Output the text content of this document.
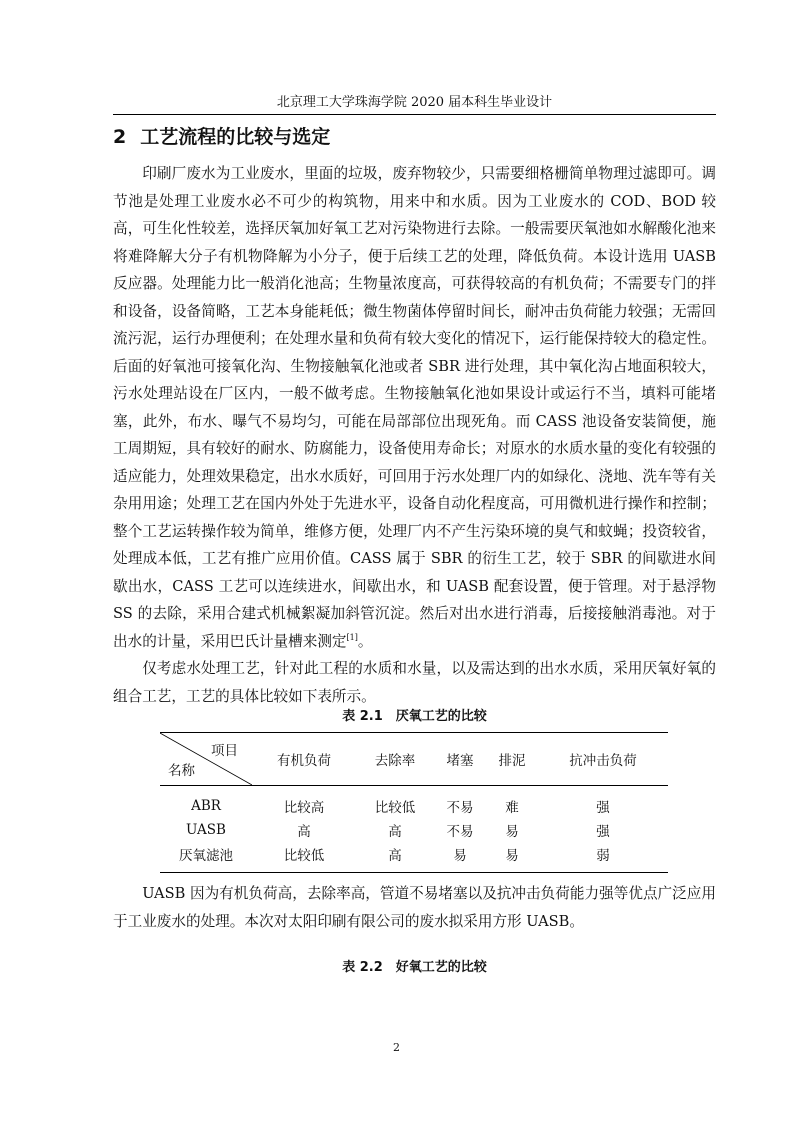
北京理工大学珠海学院 2020 届本科生毕业设计
2 工艺流程的比较与选定

印刷厂废水为工业废水，里面的垃圾，废弃物较少，只需要细格栅简单物理过滤即可。调节池是处理工业废水必不可少的构筑物，用来中和水质。因为工业废水的 COD、BOD 较高，可生化性较差，选择厌氧加好氧工艺对污染物进行去除。一般需要厌氧池如水解酸化池来将难降解大分子有机物降解为小分子，便于后续工艺的处理，降低负荷。本设计选用 UASB 反应器。处理能力比一般消化池高；生物量浓度高，可获得较高的有机负荷；不需要专门的拌和设备，设备简略，工艺本身能耗低；微生物菌体停留时间长，耐冲击负荷能力较强；无需回流污泥，运行办理便利；在处理水量和负荷有较大变化的情况下，运行能保持较大的稳定性。后面的好氧池可接氧化沟、生物接触氧化池或者 SBR 进行处理，其中氧化沟占地面积较大，污水处理站设在厂区内，一般不做考虑。生物接触氧化池如果设计或运行不当，填料可能堵塞，此外，布水、曝气不易均匀，可能在局部部位出现死角。而 CASS 池设备安装简便，施工周期短，具有较好的耐水、防腐能力，设备使用寿命长；对原水的水质水量的变化有较强的适应能力，处理效果稳定，出水水质好，可回用于污水处理厂内的如绿化、浇地、洗车等有关杂用用途；处理工艺在国内外处于先进水平，设备自动化程度高，可用微机进行操作和控制；整个工艺运转操作较为简单，维修方便，处理厂内不产生污染环境的臭气和蚊蝇；投资较省，处理成本低，工艺有推广应用价值。CASS 属于 SBR 的衍生工艺，较于 SBR 的间歇进水间歇出水，CASS 工艺可以连续进水，间歇出水，和 UASB 配套设置，便于管理。对于悬浮物 SS 的去除，采用合建式机械絮凝加斜管沉淀。然后对出水进行消毒，后接接触消毒池。对于出水的计量，采用巴氏计量槽来测定[1]。

仅考虑水处理工艺，针对此工程的水质和水量，以及需达到的出水水质，采用厌氧好氧的组合工艺，工艺的具体比较如下表所示。

表 2.1　厌氧工艺的比较
项目
名称	有机负荷	去除率	堵塞	排泥	抗冲击负荷
ABR	比较高	比较低	不易	难	强
UASB	高	高	不易	易	强
厌氧滤池	比较低	高	易	易	弱

UASB 因为有机负荷高，去除率高，管道不易堵塞以及抗冲击负荷能力强等优点广泛应用于工业废水的处理。本次对太阳印刷有限公司的废水拟采用方形 UASB。

表 2.2　好氧工艺的比较
2
